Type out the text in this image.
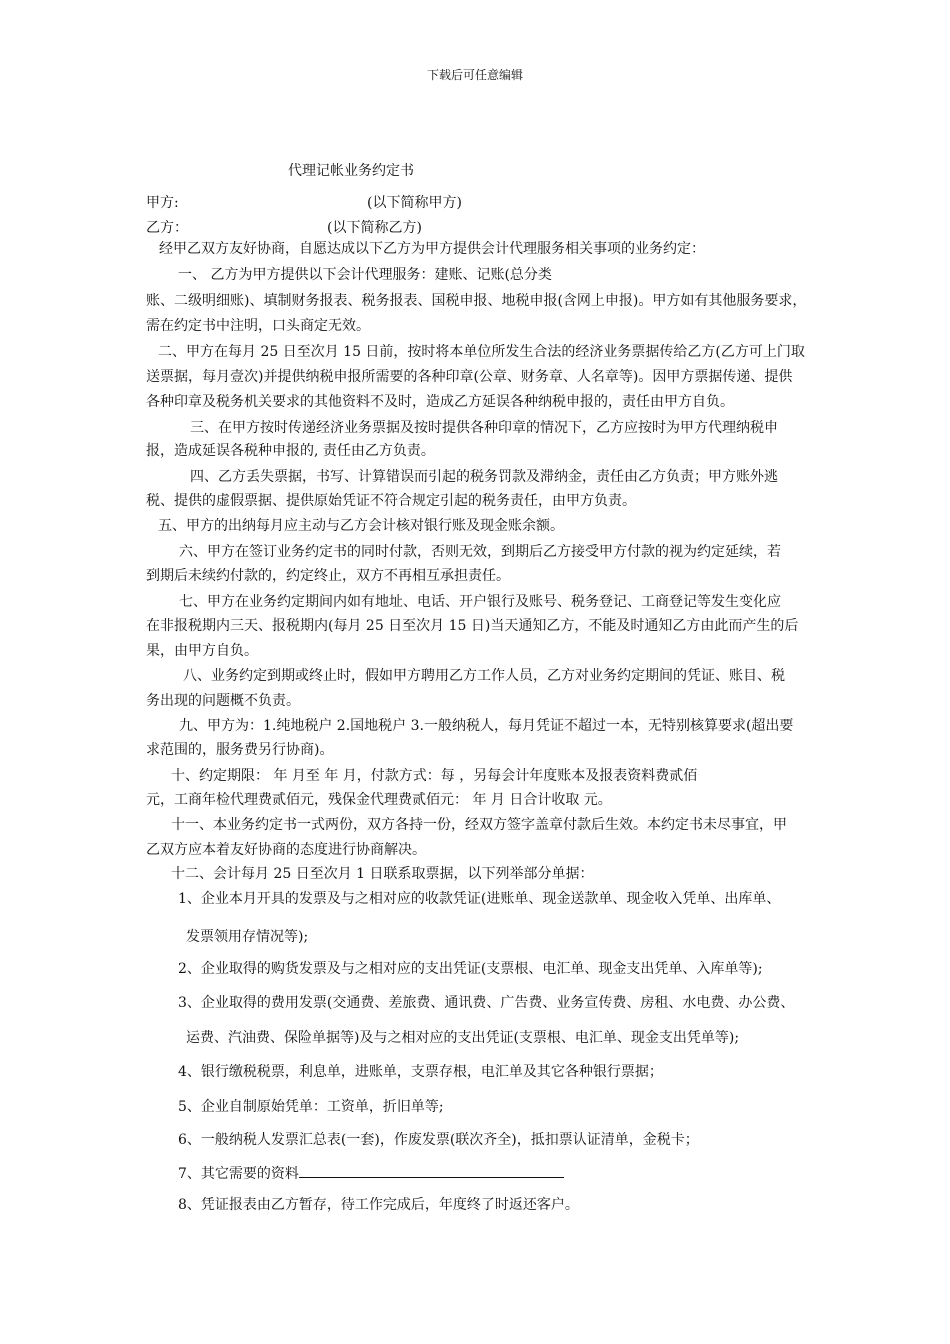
下载后可任意编辑
代理记帐业务约定书
甲方:	(以下简称甲方)
乙方：	(以下简称乙方)
经甲乙双方友好协商，自愿达成以下乙方为甲方提供会计代理服务相关事项的业务约定：
一、 乙方为甲方提供以下会计代理服务：建账、记账(总分类
账、二级明细账)、填制财务报表、税务报表、国税申报、地税申报(含网上申报)。甲方如有其他服务要求，
需在约定书中注明，口头商定无效。
二、甲方在每月 25 日至次月 15 日前，按时将本单位所发生合法的经济业务票据传给乙方(乙方可上门取
送票据，每月壹次)并提供纳税申报所需要的各种印章(公章、财务章、人名章等)。因甲方票据传递、提供
各种印章及税务机关要求的其他资料不及时，造成乙方延误各种纳税申报的，责任由甲方自负。
三、在甲方按时传递经济业务票据及按时提供各种印章的情况下，乙方应按时为甲方代理纳税申
报，造成延误各税种申报的, 责任由乙方负责。
四、乙方丢失票据，书写、计算错误而引起的税务罚款及滞纳金，责任由乙方负责；甲方账外逃
税、提供的虚假票据、提供原始凭证不符合规定引起的税务责任，由甲方负责。
五、甲方的出纳每月应主动与乙方会计核对银行账及现金账余额。
六、甲方在签订业务约定书的同时付款，否则无效，到期后乙方接受甲方付款的视为约定延续，若
到期后未续约付款的，约定终止，双方不再相互承担责任。
七、甲方在业务约定期间内如有地址、电话、开户银行及账号、税务登记、工商登记等发生变化应
在非报税期内三天、报税期内(每月 25 日至次月 15 日)当天通知乙方，不能及时通知乙方由此而产生的后
果，由甲方自负。
八、业务约定到期或终止时，假如甲方聘用乙方工作人员，乙方对业务约定期间的凭证、账目、税
务出现的问题概不负责。
九、甲方为：1.纯地税户 2.国地税户 3.一般纳税人，每月凭证不超过一本，无特别核算要求(超出要
求范围的，服务费另行协商)。
十、约定期限： 年 月至 年 月，付款方式：每 ，另每会计年度账本及报表资料费贰佰
元，工商年检代理费贰佰元，残保金代理费贰佰元： 年 月 日合计收取 元。
十一、本业务约定书一式两份，双方各持一份，经双方签字盖章付款后生效。本约定书未尽事宜，甲
乙双方应本着友好协商的态度进行协商解决。
十二、会计每月 25 日至次月 1 日联系取票据，以下列举部分单据：
1、企业本月开具的发票及与之相对应的收款凭证(进账单、现金送款单、现金收入凭单、出库单、
发票领用存情况等);
2、企业取得的购货发票及与之相对应的支出凭证(支票根、电汇单、现金支出凭单、入库单等);
3、企业取得的费用发票(交通费、差旅费、通讯费、广告费、业务宣传费、房租、水电费、办公费、
运费、汽油费、保险单据等)及与之相对应的支出凭证(支票根、电汇单、现金支出凭单等);
4、银行缴税税票，利息单，进账单，支票存根，电汇单及其它各种银行票据；
5、企业自制原始凭单：工资单，折旧单等;
6、一般纳税人发票汇总表(一套)，作废发票(联次齐全)，抵扣票认证清单，金税卡；
7、其它需要的资料
8、凭证报表由乙方暂存，待工作完成后，年度终了时返还客户。
